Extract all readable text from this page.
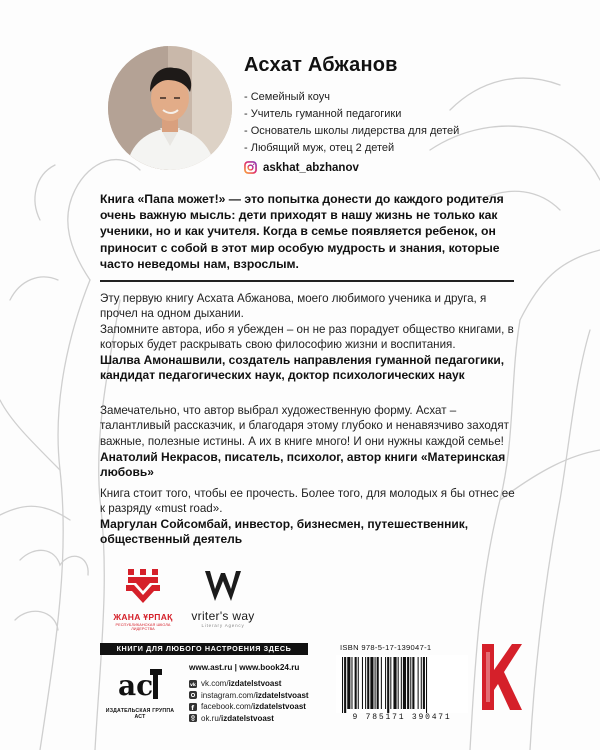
Асхат Абжанов
- Семейный коуч
- Учитель гуманной педагогики
- Основатель школы лидерства для детей
- Любящий муж, отец 2 детей
askhat_abzhanov

Книга «Папа может!» — это попытка донести до каждого родителя очень важную мысль: дети приходят в нашу жизнь не только как ученики, но и как учителя. Когда в семье появляется ребенок, он приносит с собой в этот мир особую мудрость и знания, которые часто неведомы нам, взрослым.

Эту первую книгу Асхата Абжанова, моего любимого ученика и друга, я прочел на одном дыхании.

Запомните автора, ибо я убежден – он не раз порадует общество книгами, в которых будет раскрывать свою философию жизни и воспитания.

Шалва Амонашвили, создатель направления гуманной педагогики, кандидат педагогических наук, доктор психологических наук

Замечательно, что автор выбрал художественную форму. Асхат – талантливый рассказчик, и благодаря этому глубоко и ненавязчиво заходят важные, полезные истины. А их в книге много! И они нужны каждой семье!

Анатолий Некрасов, писатель, психолог, автор книги «Материнская любовь»

Книга стоит того, чтобы ее прочесть. Более того, для молодых я бы отнес ее к разряду «must road».

Маргулан Сойсомбай, инвестор, бизнесмен, путешественник, общественный деятель

ЖАНА ҰРПАҚ
РЕСПУБЛИКАНСКАЯ ШКОЛА ЛИДЕРСТВА
vriter's way
Literary Agency
КНИГИ ДЛЯ ЛЮБОГО НАСТРОЕНИЯ ЗДЕСЬ
ac
ИЗДАТЕЛЬСКАЯ ГРУППА АСТ
www.ast.ru | www.book24.ru
vk vk.com/izdatelstvoast
instagram.com/izdatelstvoast
f facebook.com/izdatelstvoast
ok.ru/izdatelstvoast
ISBN 978-5-17-139047-1
9 785171 390471
